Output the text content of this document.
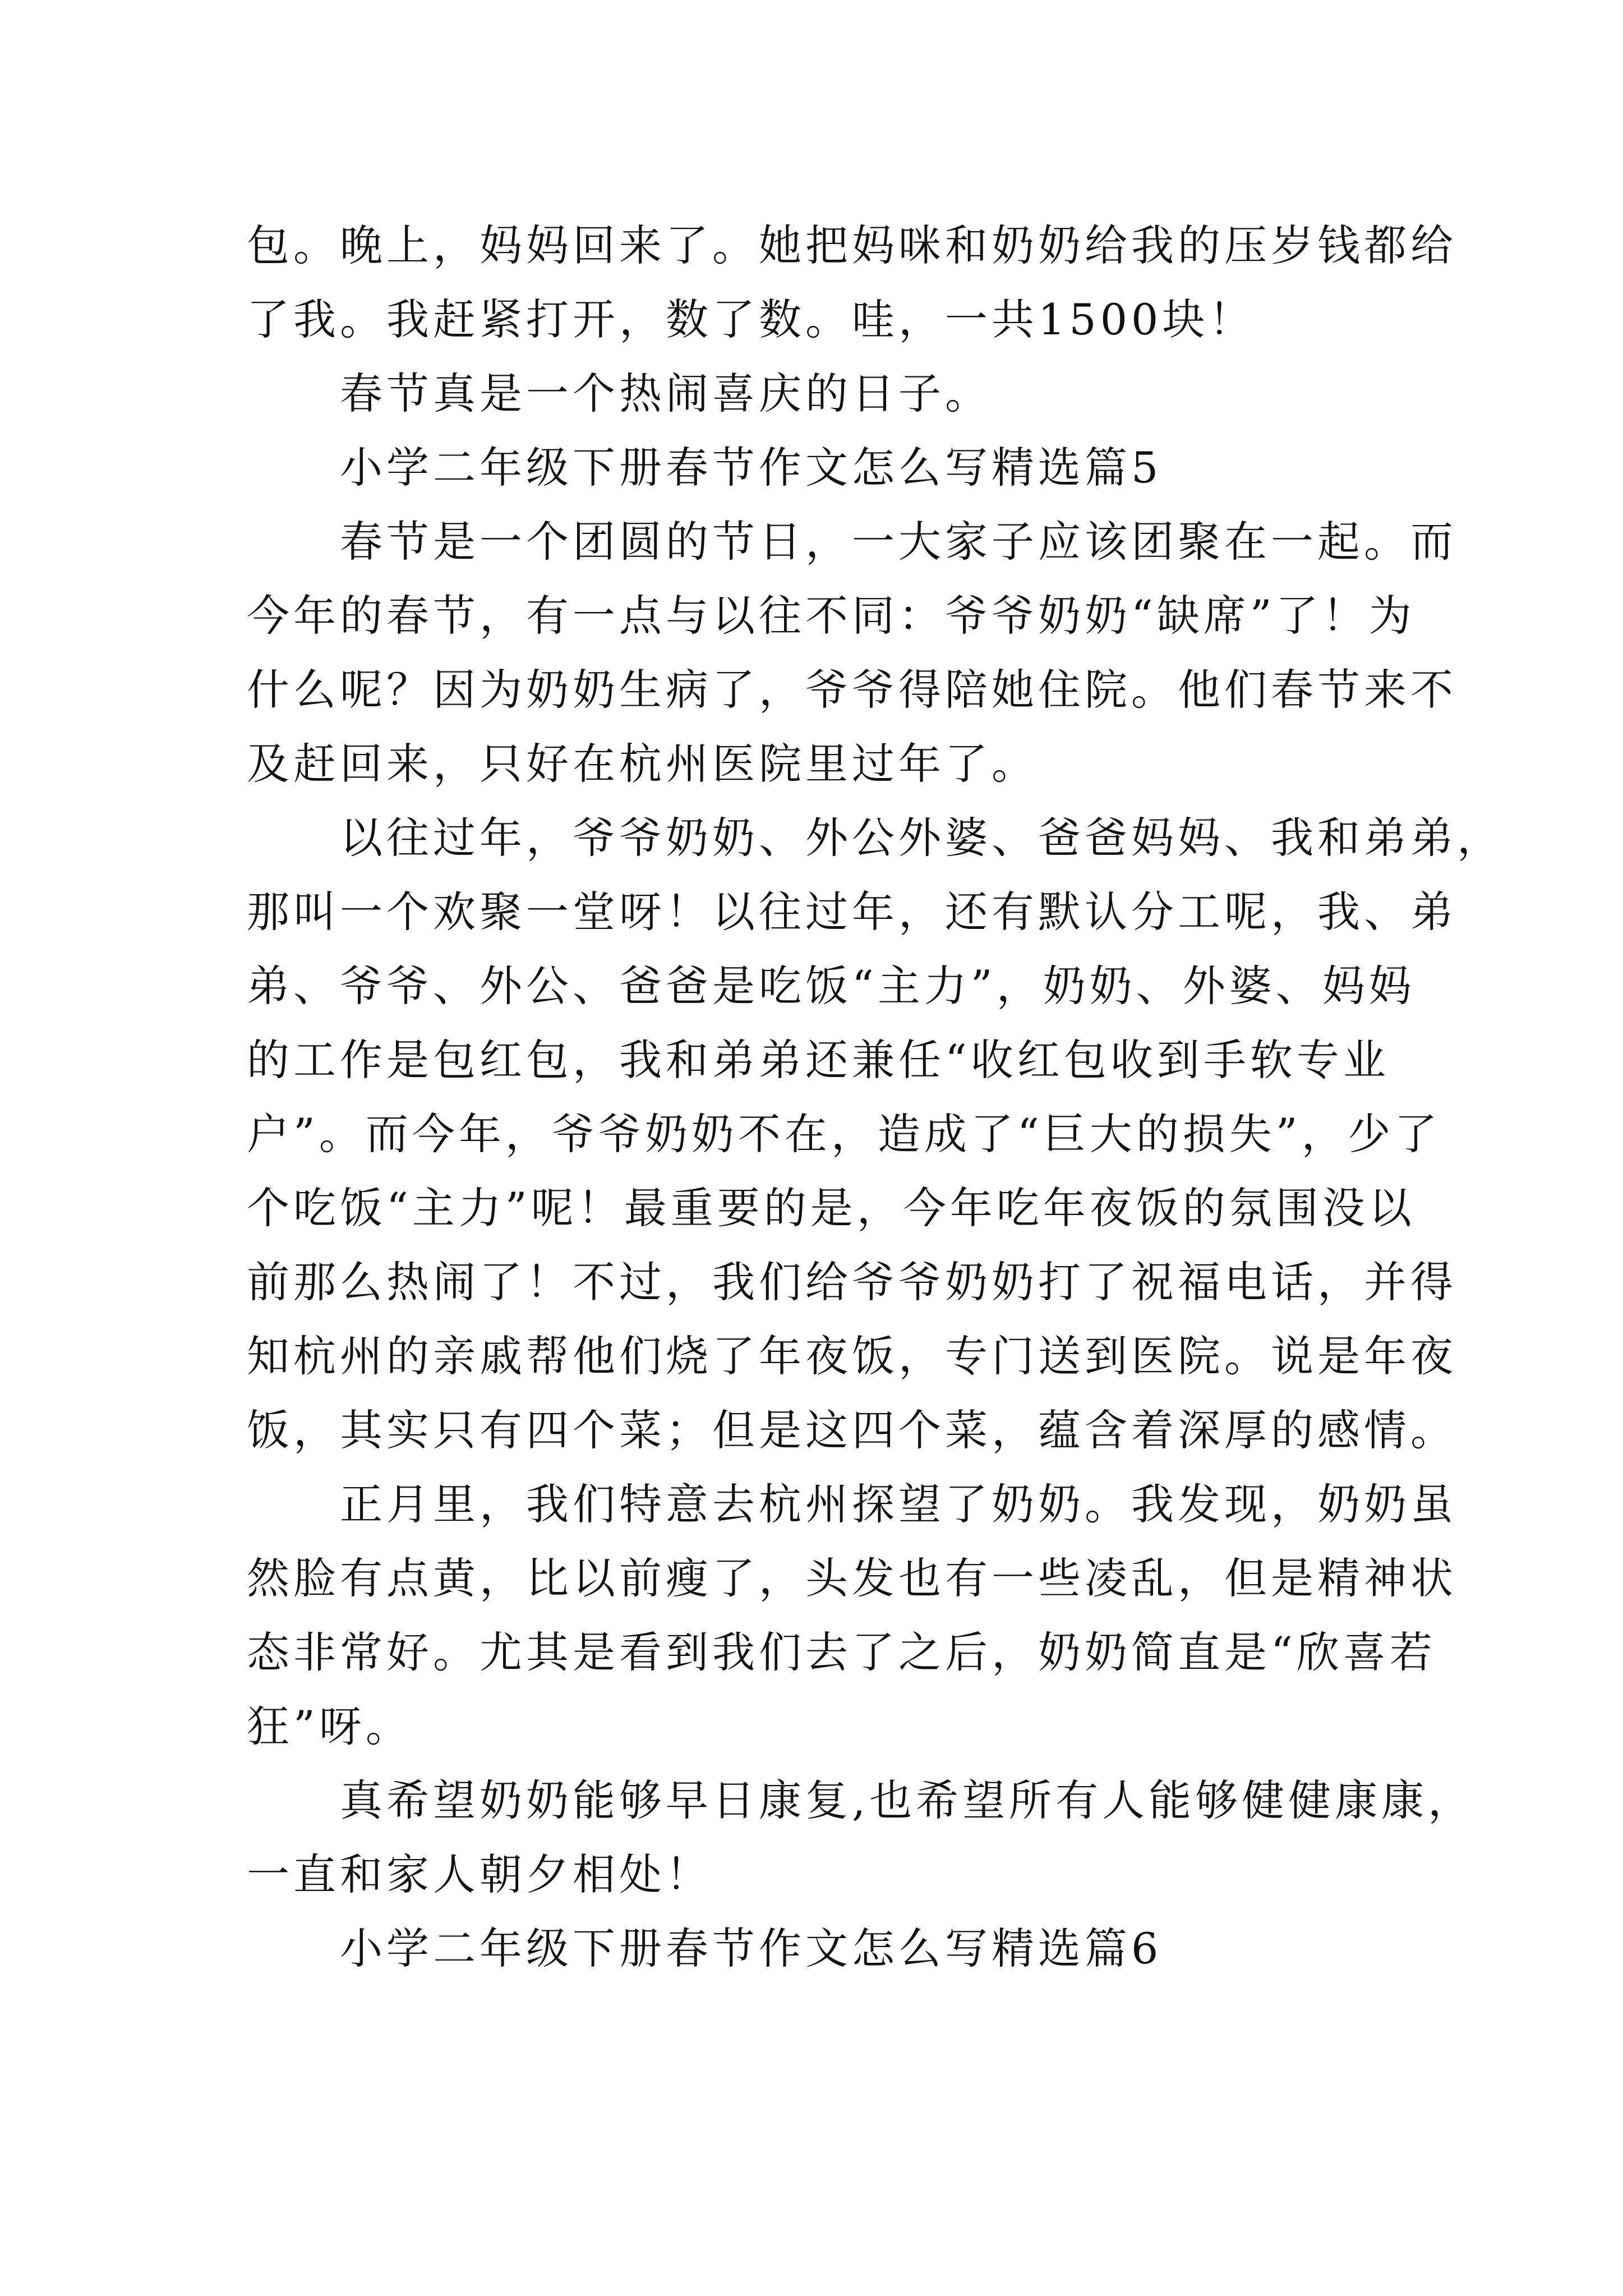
包。晚上，妈妈回来了。她把妈咪和奶奶给我的压岁钱都给
了我。我赶紧打开，数了数。哇，一共1500块！
　　春节真是一个热闹喜庆的日子。
　　小学二年级下册春节作文怎么写精选篇5
　　春节是一个团圆的节日，一大家子应该团聚在一起。而
今年的春节，有一点与以往不同：爷爷奶奶“缺席”了！为
什么呢？因为奶奶生病了，爷爷得陪她住院。他们春节来不
及赶回来，只好在杭州医院里过年了。
　　以往过年，爷爷奶奶、外公外婆、爸爸妈妈、我和弟弟，
那叫一个欢聚一堂呀！以往过年，还有默认分工呢，我、弟
弟、爷爷、外公、爸爸是吃饭“主力”，奶奶、外婆、妈妈
的工作是包红包，我和弟弟还兼任“收红包收到手软专业
户”。而今年，爷爷奶奶不在，造成了“巨大的损失”，少了
个吃饭“主力”呢！最重要的是，今年吃年夜饭的氛围没以
前那么热闹了！不过，我们给爷爷奶奶打了祝福电话，并得
知杭州的亲戚帮他们烧了年夜饭，专门送到医院。说是年夜
饭，其实只有四个菜；但是这四个菜，蕴含着深厚的感情。
　　正月里，我们特意去杭州探望了奶奶。我发现，奶奶虽
然脸有点黄，比以前瘦了，头发也有一些凌乱，但是精神状
态非常好。尤其是看到我们去了之后，奶奶简直是“欣喜若
狂”呀。
　　真希望奶奶能够早日康复,也希望所有人能够健健康康，
一直和家人朝夕相处！
　　小学二年级下册春节作文怎么写精选篇6
